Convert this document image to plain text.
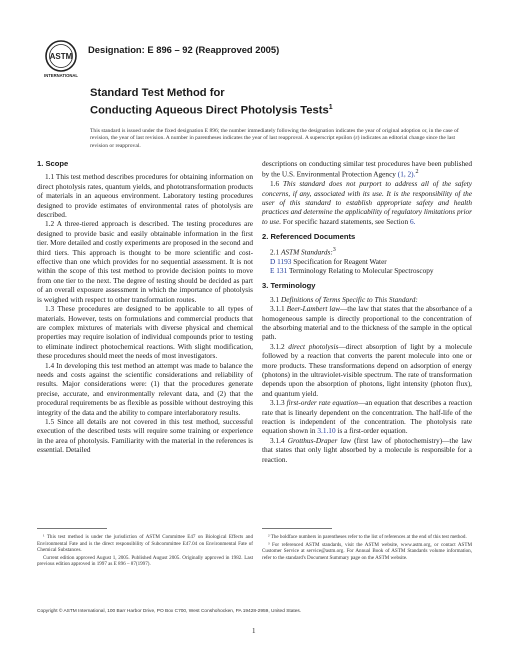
ASTM
INTERNATIONAL
Designation: E 896 – 92 (Reapproved 2005)
Standard Test Method for
Conducting Aqueous Direct Photolysis Tests$^1$
This standard is issued under the fixed designation E 896; the number immediately following the designation indicates the year of original adoption or, in the case of revision, the year of last revision. A number in parentheses indicates the year of last reapproval. A superscript epsilon (ε) indicates an editorial change since the last revision or reapproval.
1. Scope

1.1 This test method describes procedures for obtaining information on direct photolysis rates, quantum yields, and phototransformation products of materials in an aqueous environment. Laboratory testing procedures designed to provide estimates of environmental rates of photolysis are described.

1.2 A three-tiered approach is described. The testing procedures are designed to provide basic and easily obtainable information in the first tier. More detailed and costly experiments are proposed in the second and third tiers. This approach is thought to be more scientific and cost-effective than one which provides for no sequential assessment. It is not within the scope of this test method to provide decision points to move from one tier to the next. The degree of testing should be decided as part of an overall exposure assessment in which the importance of photolysis is weighed with respect to other transformation routes.

1.3 These procedures are designed to be applicable to all types of materials. However, tests on formulations and commercial products that are complex mixtures of materials with diverse physical and chemical properties may require isolation of individual compounds prior to testing to eliminate indirect photochemical reactions. With slight modification, these procedures should meet the needs of most investigators.

1.4 In developing this test method an attempt was made to balance the needs and costs against the scientific considerations and reliability of results. Major considerations were: (1) that the procedures generate precise, accurate, and environmentally relevant data, and (2) that the procedural requirements be as flexible as possible without destroying this integrity of the data and the ability to compare interlaboratory results.

1.5 Since all details are not covered in this test method, successful execution of the described tests will require some training or experience in the area of photolysis. Familiarity with the material in the references is essential. Detailed

descriptions on conducting similar test procedures have been published by the U.S. Environmental Protection Agency (1, 2).$^2$

1.6 This standard does not purport to address all of the safety concerns, if any, associated with its use. It is the responsibility of the user of this standard to establish appropriate safety and health practices and determine the applicability of regulatory limitations prior to use. For specific hazard statements, see Section 6.

2. Referenced Documents

2.1 ASTM Standards:$^3$

D 1193 Specification for Reagent Water

E 131 Terminology Relating to Molecular Spectroscopy

3. Terminology

3.1 Definitions of Terms Specific to This Standard:

3.1.1 Beer-Lambert law—the law that states that the absorbance of a homogeneous sample is directly proportional to the concentration of the absorbing material and to the thickness of the sample in the optical path.

3.1.2 direct photolysis—direct absorption of light by a molecule followed by a reaction that converts the parent molecule into one or more products. These transformations depend on adsorption of energy (photons) in the ultraviolet-visible spectrum. The rate of transformation depends upon the absorption of photons, light intensity (photon flux), and quantum yield.

3.1.3 first-order rate equation—an equation that describes a reaction rate that is linearly dependent on the concentration. The half-life of the reaction is independent of the concentration. The photolysis rate equation shown in 3.1.10 is a first-order equation.

3.1.4 Grotthus-Draper law (first law of photochemistry)—the law that states that only light absorbed by a molecule is responsible for a reaction.

¹ This test method is under the jurisdiction of ASTM Committee E47 on Biological Effects and Environmental Fate and is the direct responsibility of Subcommittee E47.04 on Environmental Fate of Chemical Substances.

Current edition approved August 1, 2005. Published August 2005. Originally approved in 1982. Last previous edition approved in 1997 as E 896 – 87(1997).

² The boldface numbers in parentheses refer to the list of references at the end of this test method.

³ For referenced ASTM standards, visit the ASTM website, www.astm.org, or contact ASTM Customer Service at service@astm.org. For Annual Book of ASTM Standards volume information, refer to the standard's Document Summary page on the ASTM website.

Copyright © ASTM International, 100 Barr Harbor Drive, PO Box C700, West Conshohocken, PA 19428-2959, United States.
1
